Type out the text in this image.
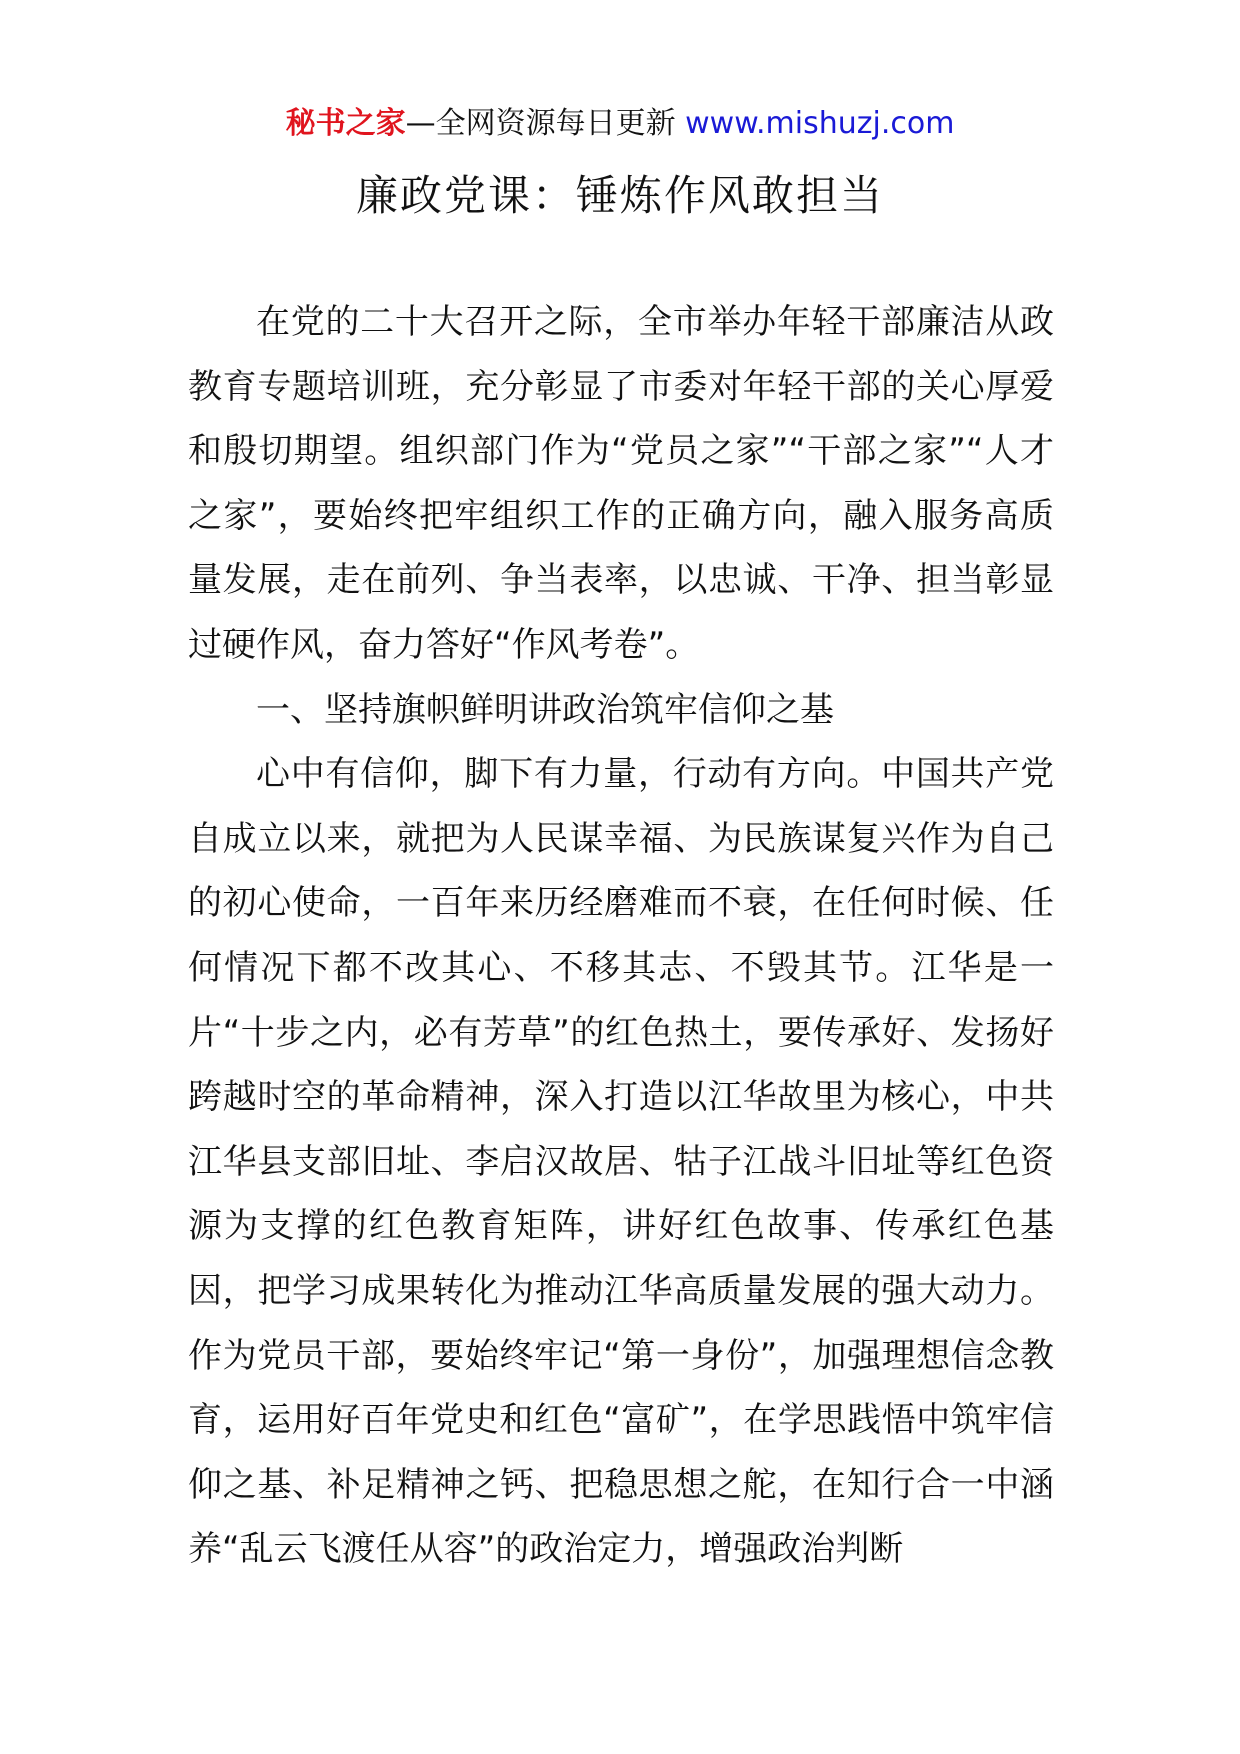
秘书之家—全网资源每日更新 www.mishuzj.com
廉政党课：锤炼作风敢担当

在党的二十大召开之际，全市举办年轻干部廉洁从政教育专题培训班，充分彰显了市委对年轻干部的关心厚爱和殷切期望。组织部门作为“党员之家”“干部之家”“人才之家”，要始终把牢组织工作的正确方向，融入服务高质量发展，走在前列、争当表率，以忠诚、干净、担当彰显过硬作风，奋力答好“作风考卷”。

一、坚持旗帜鲜明讲政治筑牢信仰之基

心中有信仰，脚下有力量，行动有方向。中国共产党自成立以来，就把为人民谋幸福、为民族谋复兴作为自己的初心使命，一百年来历经磨难而不衰，在任何时候、任何情况下都不改其心、不移其志、不毁其节。江华是一片“十步之内，必有芳草”的红色热土，要传承好、发扬好跨越时空的革命精神，深入打造以江华故里为核心，中共江华县支部旧址、李启汉故居、牯子江战斗旧址等红色资源为支撑的红色教育矩阵，讲好红色故事、传承红色基因，把学习成果转化为推动江华高质量发展的强大动力。作为党员干部，要始终牢记“第一身份”，加强理想信念教育，运用好百年党史和红色“富矿”，在学思践悟中筑牢信仰之基、补足精神之钙、把稳思想之舵，在知行合一中涵养“乱云飞渡任从容”的政治定力，增强政治判断
